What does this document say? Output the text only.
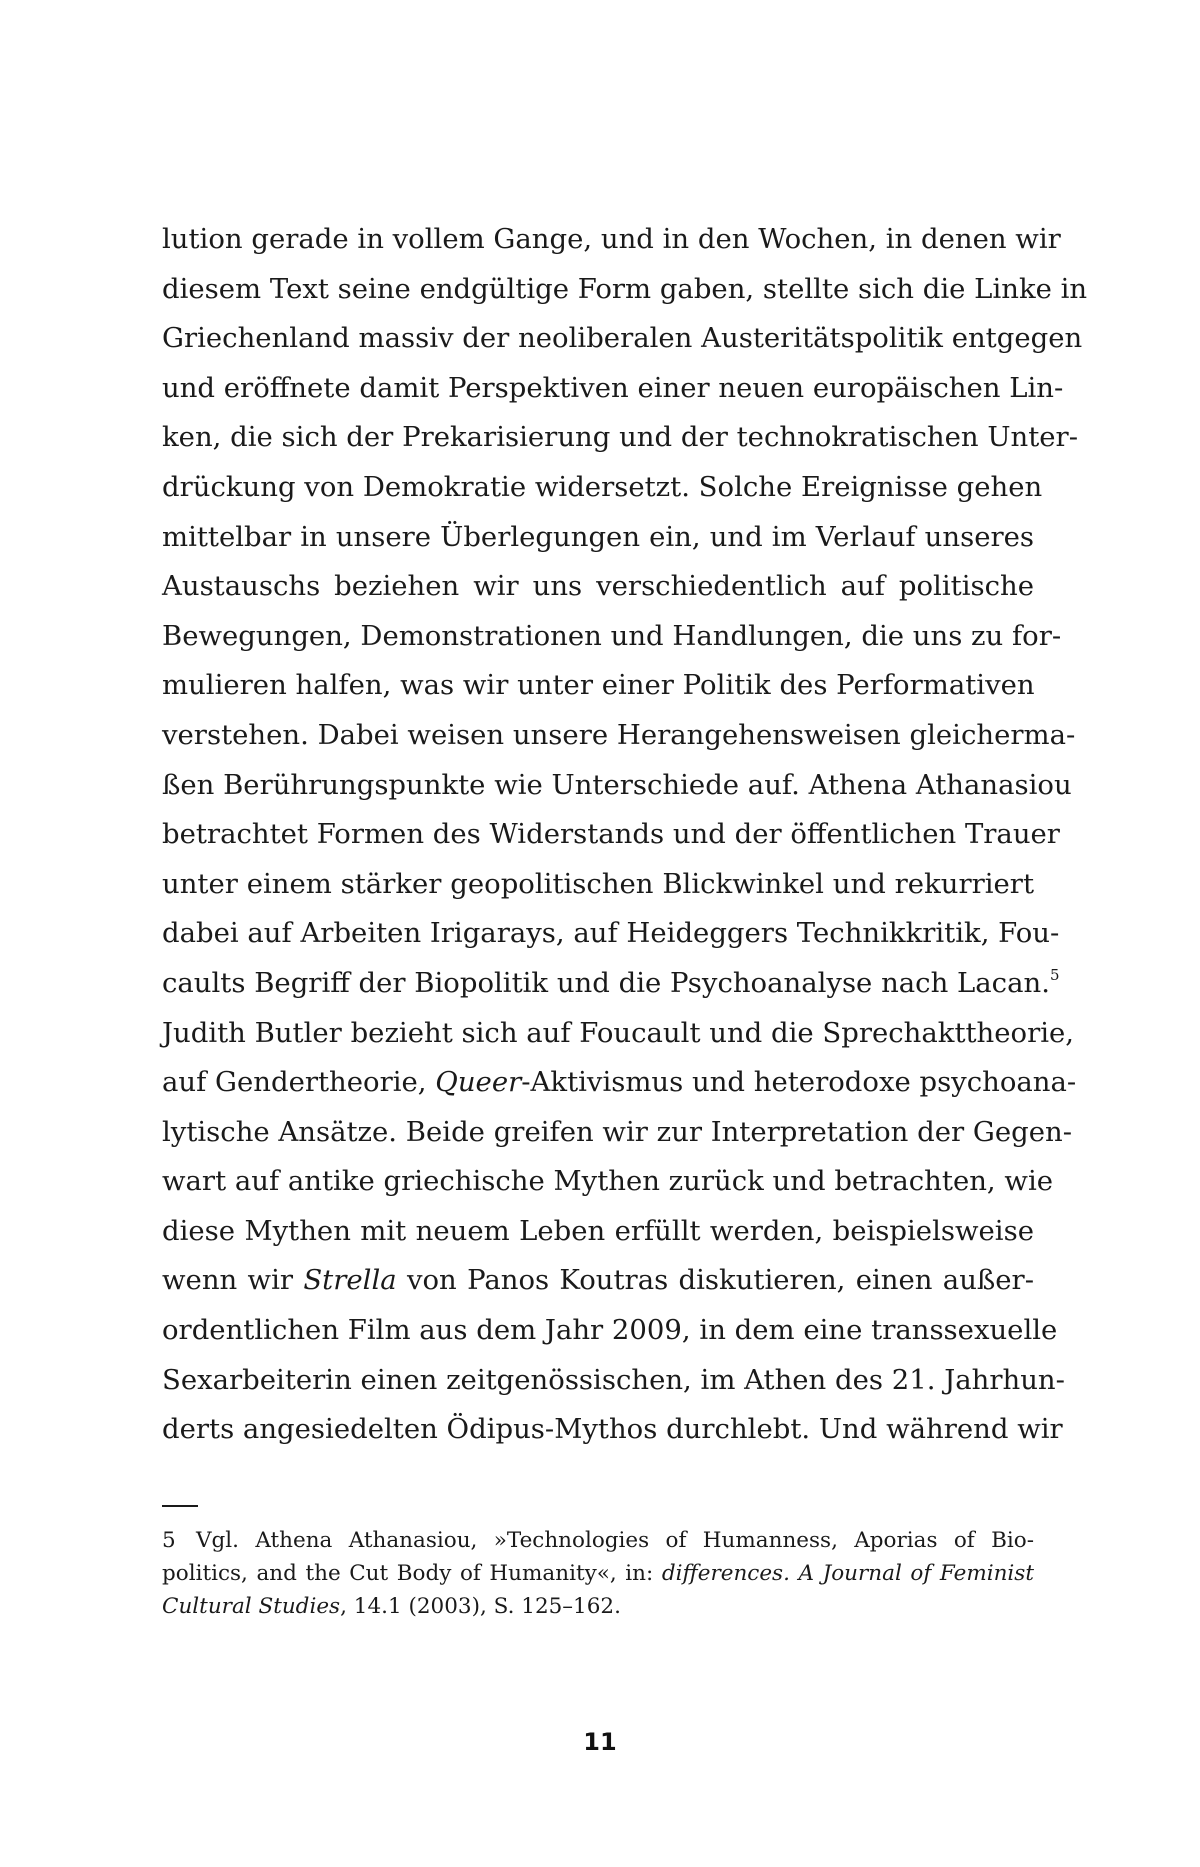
lution gerade in vollem Gange, und in den Wochen, in denen wir
diesem Text seine endgültige Form gaben, stellte sich die Linke in
Griechenland massiv der neoliberalen Austeritätspolitik entgegen
und eröffnete damit Perspektiven einer neuen europäischen Lin-
ken, die sich der Prekarisierung und der technokratischen Unter-
drückung von Demokratie widersetzt. Solche Ereignisse gehen
mittelbar in unsere Überlegungen ein, und im Verlauf unseres
Austauschs beziehen wir uns verschiedentlich auf politische
Bewegungen, Demonstrationen und Handlungen, die uns zu for-
mulieren halfen, was wir unter einer Politik des Performativen
verstehen. Dabei weisen unsere Herangehensweisen gleicherma-
ßen Berührungspunkte wie Unterschiede auf. Athena Athanasiou
betrachtet Formen des Widerstands und der öffentlichen Trauer
unter einem stärker geopolitischen Blickwinkel und rekurriert
dabei auf Arbeiten Irigarays, auf Heideggers Technikkritik, Fou-
caults Begriff der Biopolitik und die Psychoanalyse nach Lacan.$^5$
Judith Butler bezieht sich auf Foucault und die Sprechakttheorie,
auf Gendertheorie, Queer-Aktivismus und heterodoxe psychoana-
lytische Ansätze. Beide greifen wir zur Interpretation der Gegen-
wart auf antike griechische Mythen zurück und betrachten, wie
diese Mythen mit neuem Leben erfüllt werden, beispielsweise
wenn wir Strella von Panos Koutras diskutieren, einen außer-
ordentlichen Film aus dem Jahr 2009, in dem eine transsexuelle
Sexarbeiterin einen zeitgenössischen, im Athen des 21. Jahrhun-
derts angesiedelten Ödipus-Mythos durchlebt. Und während wir
5 Vgl. Athena Athanasiou, »Technologies of Humanness, Aporias of Bio-
politics, and the Cut Body of Humanity«, in: differences. A Journal of Feminist
Cultural Studies, 14.1 (2003), S. 125–162.
11
